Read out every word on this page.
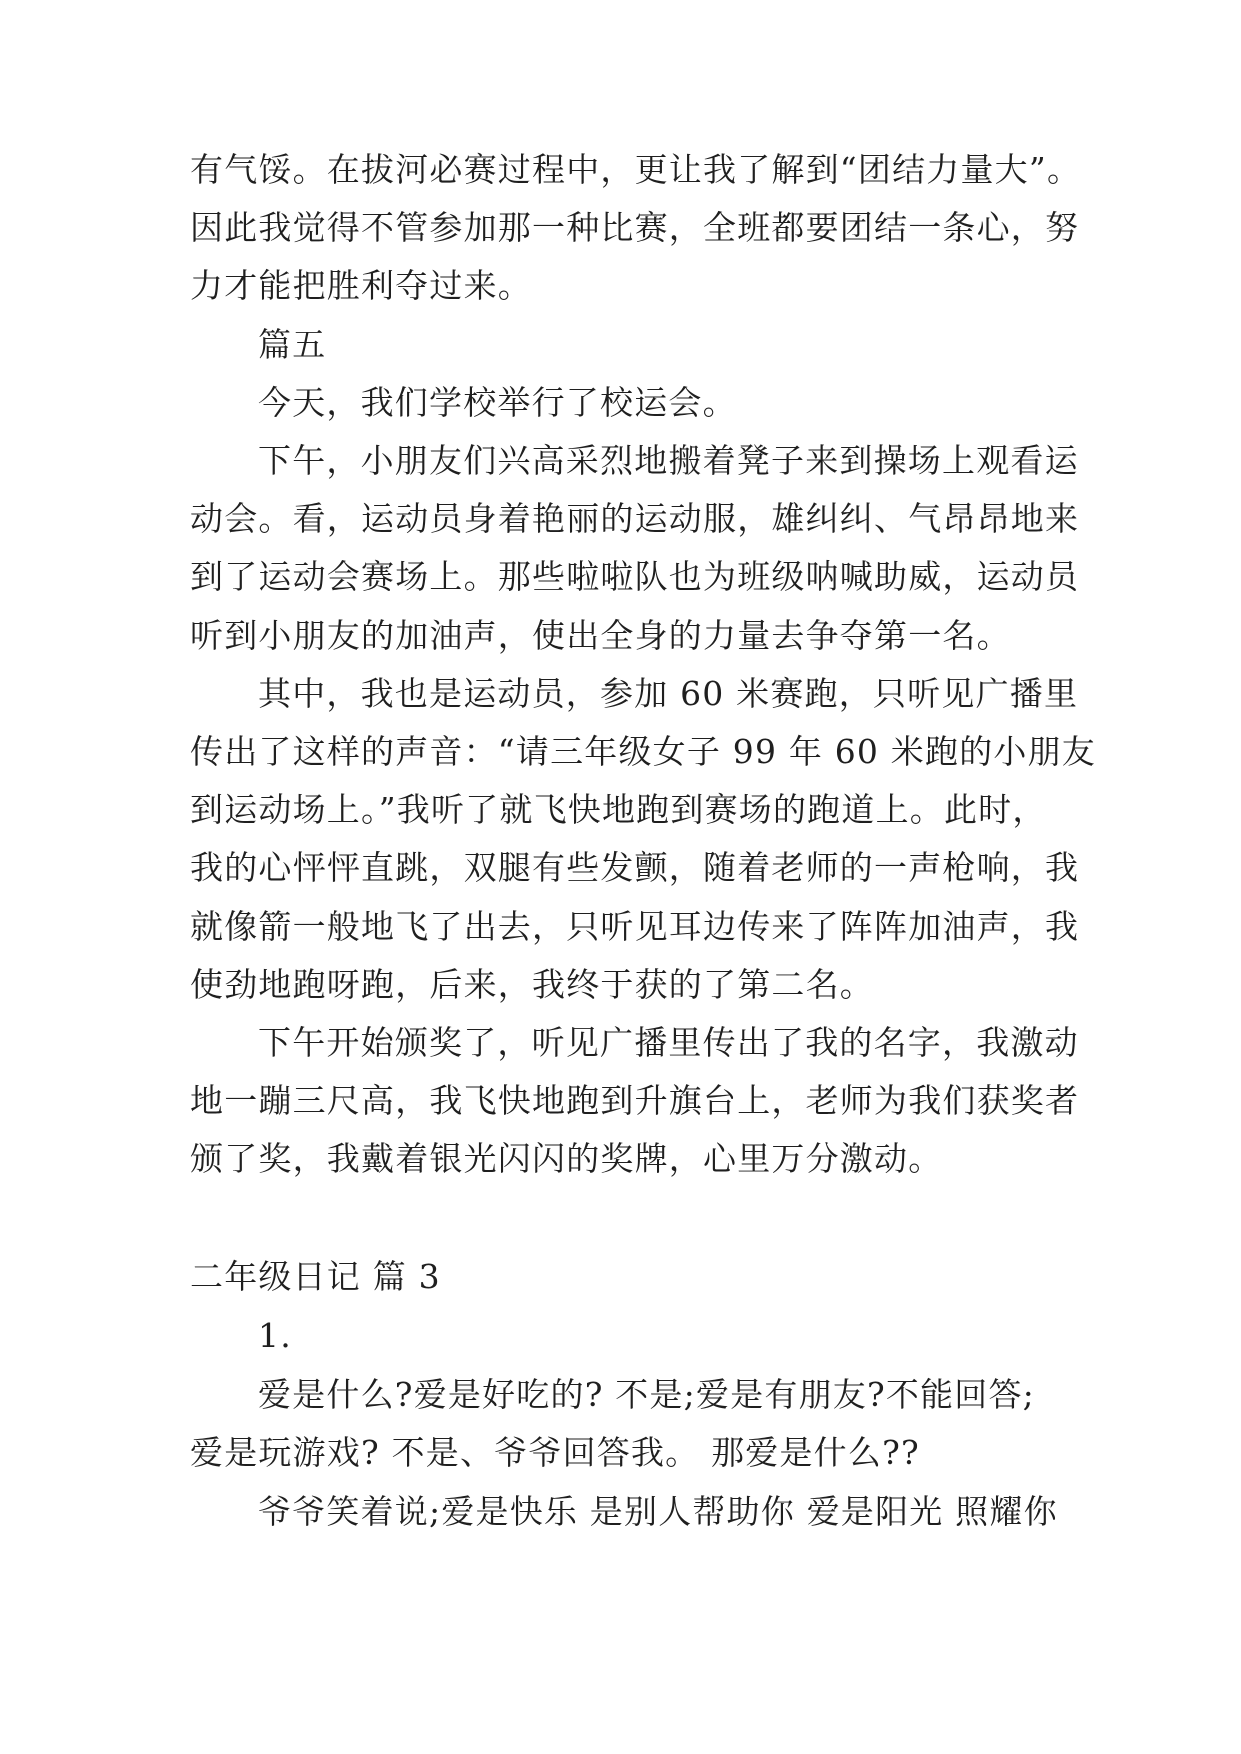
有气馁。在拔河必赛过程中，更让我了解到“团结力量大”。

因此我觉得不管参加那一种比赛，全班都要团结一条心，努

力才能把胜利夺过来。

篇五

今天，我们学校举行了校运会。

下午，小朋友们兴高采烈地搬着凳子来到操场上观看运

动会。看，运动员身着艳丽的运动服，雄纠纠、气昂昂地来

到了运动会赛场上。那些啦啦队也为班级呐喊助威，运动员

听到小朋友的加油声，使出全身的力量去争夺第一名。

其中，我也是运动员，参加 60 米赛跑，只听见广播里

传出了这样的声音：“请三年级女子 99 年 60 米跑的小朋友

到运动场上。”我听了就飞快地跑到赛场的跑道上。此时，

我的心怦怦直跳，双腿有些发颤，随着老师的一声枪响，我

就像箭一般地飞了出去，只听见耳边传来了阵阵加油声，我

使劲地跑呀跑，后来，我终于获的了第二名。

下午开始颁奖了，听见广播里传出了我的名字，我激动

地一蹦三尺高，我飞快地跑到升旗台上，老师为我们获奖者

颁了奖，我戴着银光闪闪的奖牌，心里万分激动。

二年级日记 篇 3

1.

爱是什么?爱是好吃的? 不是;爱是有朋友?不能回答;

爱是玩游戏? 不是、爷爷回答我。 那爱是什么??

爷爷笑着说;爱是快乐 是别人帮助你 爱是阳光 照耀你
